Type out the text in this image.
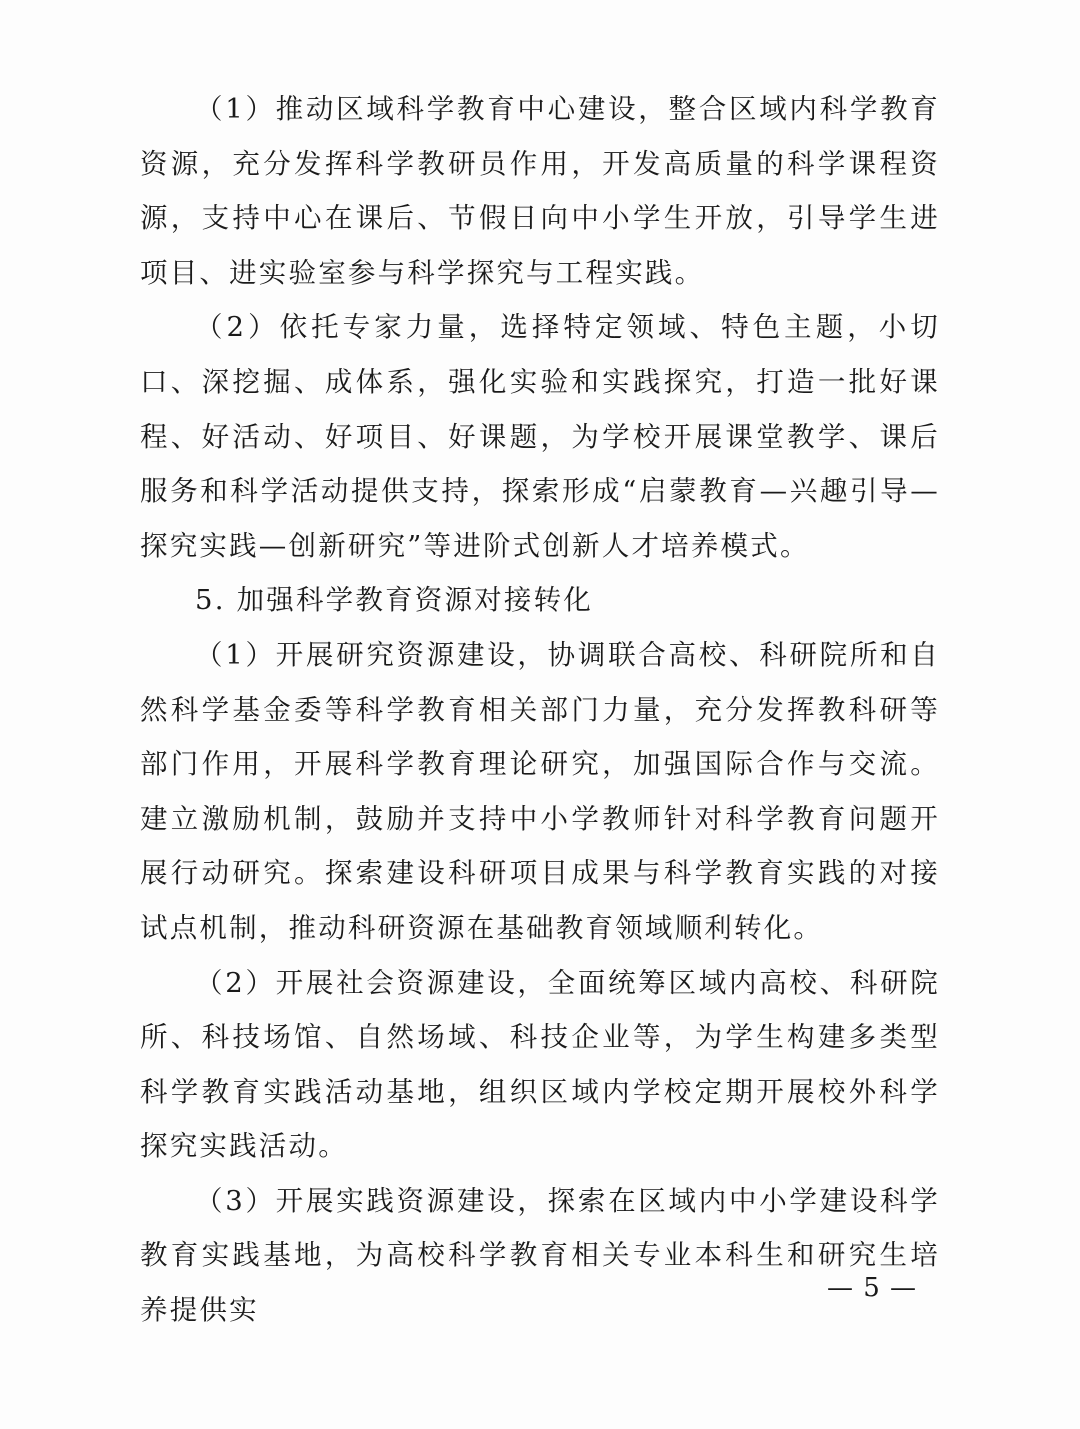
（1）推动区域科学教育中心建设，整合区域内科学教育资源，充分发挥科学教研员作用，开发高质量的科学课程资源，支持中心在课后、节假日向中小学生开放，引导学生进项目、进实验室参与科学探究与工程实践。

（2）依托专家力量，选择特定领域、特色主题，小切口、深挖掘、成体系，强化实验和实践探究，打造一批好课程、好活动、好项目、好课题，为学校开展课堂教学、课后服务和科学活动提供支持，探索形成“启蒙教育—兴趣引导—探究实践—创新研究”等进阶式创新人才培养模式。

5. 加强科学教育资源对接转化

（1）开展研究资源建设，协调联合高校、科研院所和自然科学基金委等科学教育相关部门力量，充分发挥教科研等部门作用，开展科学教育理论研究，加强国际合作与交流。建立激励机制，鼓励并支持中小学教师针对科学教育问题开展行动研究。探索建设科研项目成果与科学教育实践的对接试点机制，推动科研资源在基础教育领域顺利转化。

（2）开展社会资源建设，全面统筹区域内高校、科研院所、科技场馆、自然场域、科技企业等，为学生构建多类型科学教育实践活动基地，组织区域内学校定期开展校外科学探究实践活动。

（3）开展实践资源建设，探索在区域内中小学建设科学教育实践基地，为高校科学教育相关专业本科生和研究生培养提供实

— 5 —
